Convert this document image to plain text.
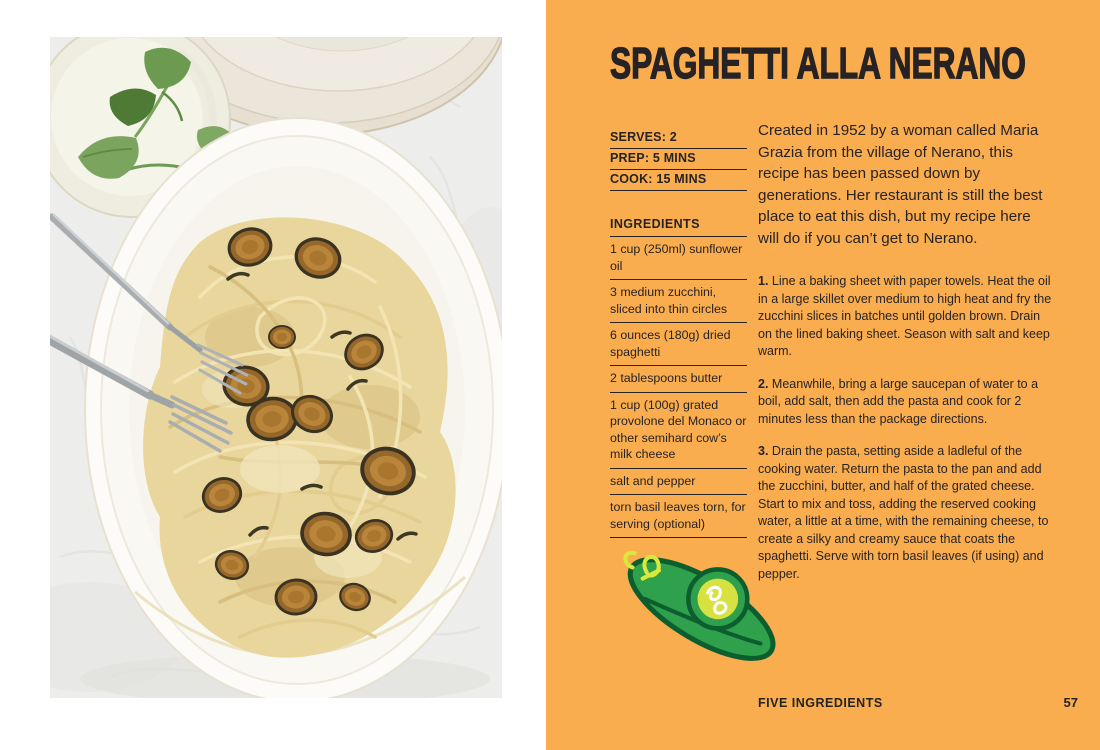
SPAGHETTI ALLA NERANO
SERVES: 2
PREP: 5 MINS
COOK: 15 MINS
INGREDIENTS
1 cup (250ml) sunflower oil
3 medium zucchini, sliced into thin circles
6 ounces (180g) dried spaghetti
2 tablespoons butter
1 cup (100g) grated provolone del Monaco or other semihard cow’s milk cheese
salt and pepper
torn basil leaves torn, for serving (optional)

Created in 1952 by a woman called Maria Grazia from the village of Nerano, this recipe has been passed down by generations. Her restaurant is still the best place to eat this dish, but my recipe here will do if you can’t get to Nerano.

1. Line a baking sheet with paper towels. Heat the oil in a large skillet over medium to high heat and fry the zucchini slices in batches until golden brown. Drain on the lined baking sheet. Season with salt and keep warm.

2. Meanwhile, bring a large saucepan of water to a boil, add salt, then add the pasta and cook for 2 minutes less than the package directions.

3. Drain the pasta, setting aside a ladleful of the cooking water. Return the pasta to the pan and add the zucchini, butter, and half of the grated cheese. Start to mix and toss, adding the reserved cooking water, a little at a time, with the remaining cheese, to create a silky and creamy sauce that coats the spaghetti. Serve with torn basil leaves (if using) and pepper.

FIVE INGREDIENTS	57
